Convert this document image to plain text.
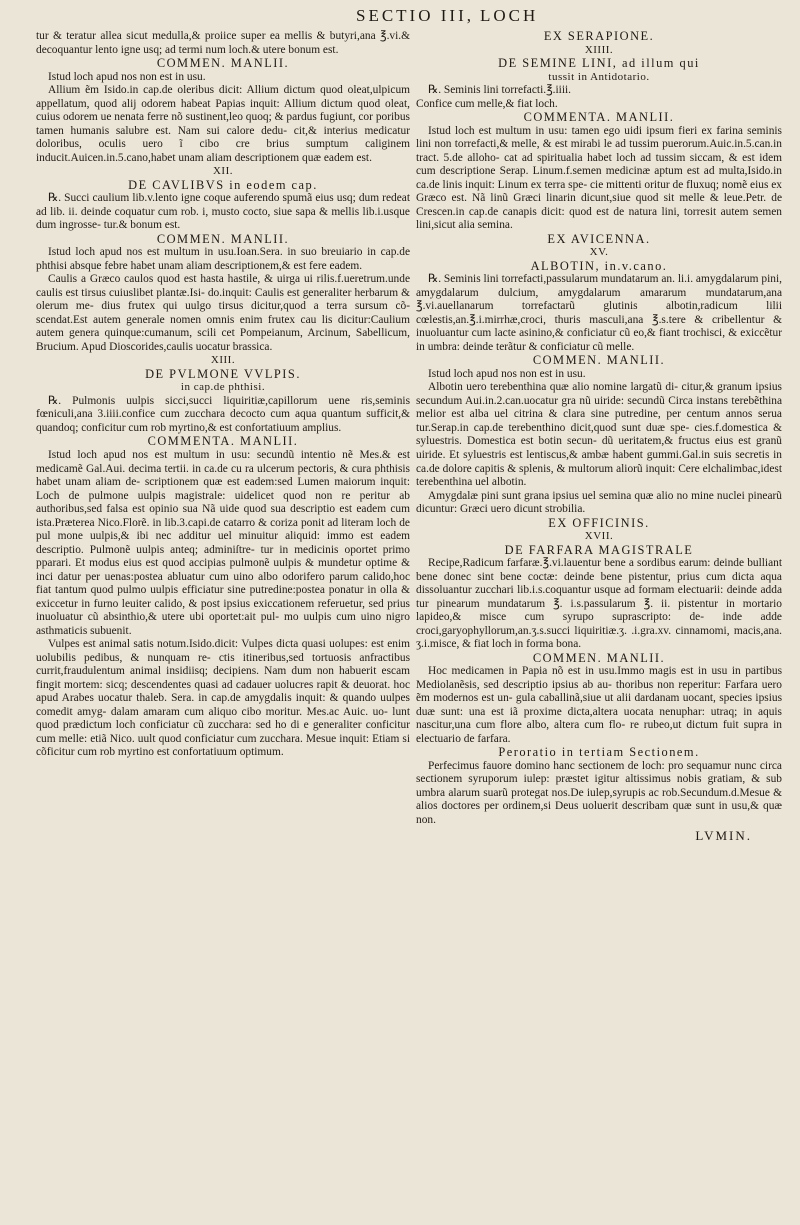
SECTIO III, LOCH

tur & teratur allea sicut medulla,& proiice super ea mellis & butyri,ana ℥.vi.& decoquantur lento igne usq; ad termi num loch.& utere bonum est.

COMMEN. MANLII.

Istud loch apud nos non est in usu.

Allium ẽm Isido.in cap.de oleribus dicit: Allium dictum quod oleat,ulpicum appellatum, quod alij odorem habeat Papias inquit: Allium dictum quod oleat, cuius odorem ue nenata ferre nõ sustinent,leo quoq; & pardus fugiunt, cor poribus tamen humanis salubre est. Nam sui calore dedu- cit,& interius medicatur doloribus, oculis uero ĩ cibo cre brius sumptum caliginem inducit.Auicen.in.5.cano,habet unam aliam descriptionem quæ eadem est.

XII.

DE CAVLIBVS in eodem cap.

℞. Succi caulium lib.v.lento igne coque auferendo spumã eius usq; dum redeat ad lib. ii. deinde coquatur cum rob. i, musto cocto, siue sapa & mellis lib.i.usque dum ingrosse- tur.& bonum est.

COMMEN. MANLII.

Istud loch apud nos est multum in usu.Ioan.Sera. in suo breuiario in cap.de phthisi absque febre habet unam aliam descriptionem,& est fere eadem.

Caulis a Græco caulos quod est hasta hastile, & uirga ui rilis.f.ueretrum.unde caulis est tirsus cuiuslibet plantæ.Isi- do.inquit: Caulis est generaliter herbarum & olerum me- dius frutex qui uulgo tirsus dicitur,quod a terra sursum cõ- scendat.Est autem generale nomen omnis enim frutex cau lis dicitur:Caulium autem genera quinque:cumanum, scili cet Pompeianum, Arcinum, Sabellicum, Brucium. Apud Dioscorides,caulis uocatur brassica.

XIII.

DE PVLMONE VVLPIS.

in cap.de phthisi.

℞. Pulmonis uulpis sicci,succi liquiritiæ,capillorum uene ris,seminis fœniculi,ana 3.iiii.confice cum zucchara decocto cum aqua quantum sufficit,& quandoq; conficitur cum rob myrtino,& est confortatiuum amplius.

COMMENTA. MANLII.

Istud loch apud nos est multum in usu: secundũ intentio nẽ Mes.& est medicamẽ Gal.Aui. decima tertii. in ca.de cu ra ulcerum pectoris, & cura phthisis habet unam aliam de- scriptionem quæ est eadem:sed Lumen maiorum inquit: Loch de pulmone uulpis magistrale: uidelicet quod non re peritur ab authoribus,sed falsa est opinio sua Nã uide quod sua descriptio est eadem cum ista.Præterea Nico.Florẽ. in lib.3.capi.de catarro & coriza ponit ad literam loch de pul mone uulpis,& ibi nec additur uel minuitur aliquid: immo est eadem descriptio. Pulmonẽ uulpis anteq; adminiſtre- tur in medicinis oportet primo pparari. Et modus eius est quod accipias pulmonẽ uulpis & mundetur optime & inci datur per uenas:postea abluatur cum uino albo odorifero parum calido,hoc fiat tantum quod pulmo uulpis efficiatur sine putredine:postea ponatur in olla & exiccetur in furno leuiter calido, & post ipsius exiccationem referuetur, sed prius inuoluatur cũ absinthio,& utere ubi oportet:ait pul- mo uulpis cum uino nigro asthmaticis subuenit.

Vulpes est animal satis notum.Isido.dicit: Vulpes dicta quasi uolupes: est enim uolubilis pedibus, & nunquam re- ctis itineribus,sed tortuosis anfractibus currit,fraudulentum animal insidiisq; decipiens. Nam dum non habuerit escam fingit mortem: sicq; descendentes quasi ad cadauer uolucres rapit & deuorat. hoc apud Arabes uocatur thaleb. Sera. in cap.de amygdalis inquit: & quando uulpes comedit amyg- dalam amaram cum aliquo cibo moritur. Mes.ac Auic. uo- lunt quod prædictum loch conficiatur cũ zucchara: sed ho di e generaliter conficitur cum melle: etiã Nico. uult quod conficiatur cum zucchara. Mesue inquit: Etiam si cõficitur cum rob myrtino est confortatiuum optimum.

EX SERAPIONE.

XIIII.

DE SEMINE LINI, ad illum qui

tussit in Antidotario.

℞. Seminis lini torrefacti.℥.iiii.

Confice cum melle,& fiat loch.

COMMENTA. MANLII.

Istud loch est multum in usu: tamen ego uidi ipsum fieri ex farina seminis lini non torrefacti,& melle, & est mirabi le ad tussim puerorum.Auic.in.5.can.in tract. 5.de alloho- cat ad spiritualia habet loch ad tussim siccam, & est idem cum descriptione Serap. Linum.f.semen medicinæ aptum est ad multa,Isido.in ca.de linis inquit: Linum ex terra spe- cie mittenti oritur de fluxuq; nomẽ eius ex Græco est. Nã linũ Græci linarin dicunt,siue quod sit melle & leue.Petr. de Crescen.in cap.de canapis dicit: quod est de natura lini, torresit autem semen lini,sicut alia semina.

EX AVICENNA.

XV.

ALBOTIN, in.v.cano.

℞. Seminis lini torrefacti,passularum mundatarum an. li.i. amygdalarum pini, amygdalarum dulcium, amygdalarum amararum mundatarum,ana ℥.vi.auellanarum torrefactarũ glutinis albotin,radicum lilii cœlestis,an.℥.i.mirrhæ,croci, thuris masculi,ana ℥.s.tere & cribellentur & inuoluantur cum lacte asinino,& conficiatur cũ eo,& fiant trochisci, & exiccẽtur in umbra: deinde terãtur & conficiatur cũ melle.

COMMEN. MANLII.

Istud loch apud nos non est in usu.

Albotin uero terebenthina quæ alio nomine largatũ di- citur,& granum ipsius secundum Aui.in.2.can.uocatur gra nũ uiride: secundũ Circa instans terebẽthina melior est alba uel citrina & clara sine putredine, per centum annos serua tur.Serap.in cap.de terebenthino dicit,quod sunt duæ spe- cies.f.domestica & syluestris. Domestica est botin secun- dũ ueritatem,& fructus eius est granũ uiride. Et syluestris est lentiscus,& ambæ habent gummi.Gal.in suis secretis in ca.de dolore capitis & splenis, & multorum aliorũ inquit: Cere elchalimbac,idest terebenthina uel albotin.

Amygdalæ pini sunt grana ipsius uel semina quæ alio no mine nuclei pinearũ dicuntur: Græci uero dicunt strobilia.

EX OFFICINIS.

XVII.

DE FARFARA MAGISTRALE

Recipe,Radicum farfaræ.℥.vi.lauentur bene a sordibus earum: deinde bulliant bene donec sint bene coctæ: deinde bene pistentur, prius cum dicta aqua dissoluantur zucchari lib.i.s.coquantur usque ad formam electuarii: deinde adda tur pinearum mundatarum ℥. i.s.passularum ℥. ii. pistentur in mortario lapideo,& misce cum syrupo suprascripto: de- inde adde croci,garyophyllorum,an.ʒ.s.succi liquiritiæ.ʒ. .i.gra.xv. cinnamomi, macis,ana. ʒ.i.misce, & fiat loch in forma bona.

COMMEN. MANLII.

Hoc medicamen in Papia nõ est in usu.Immo magis est in usu in partibus Mediolanẽsis, sed descriptio ipsius ab au- thoribus non reperitur: Farfara uero ẽm modernos est un- gula caballinã,siue ut alii dardanam uocant, species ipsius duæ sunt: una est iã proxime dicta,altera uocata nenuphar: utraq; in aquis nascitur,una cum flore albo, altera cum flo- re rubeo,ut dictum fuit supra in electuario de farfara.

Peroratio in tertiam Sectionem.

Perfecimus fauore domino hanc sectionem de loch: pro sequamur nunc circa sectionem syruporum iulep: præstet igitur altissimus nobis gratiam, & sub umbra alarum suarũ protegat nos.De iulep,syrupis ac rob.Secundum.d.Mesue & alios doctores per ordinem,si Deus uoluerit describam quæ sunt in usu,& quæ non.

LVMIN.
